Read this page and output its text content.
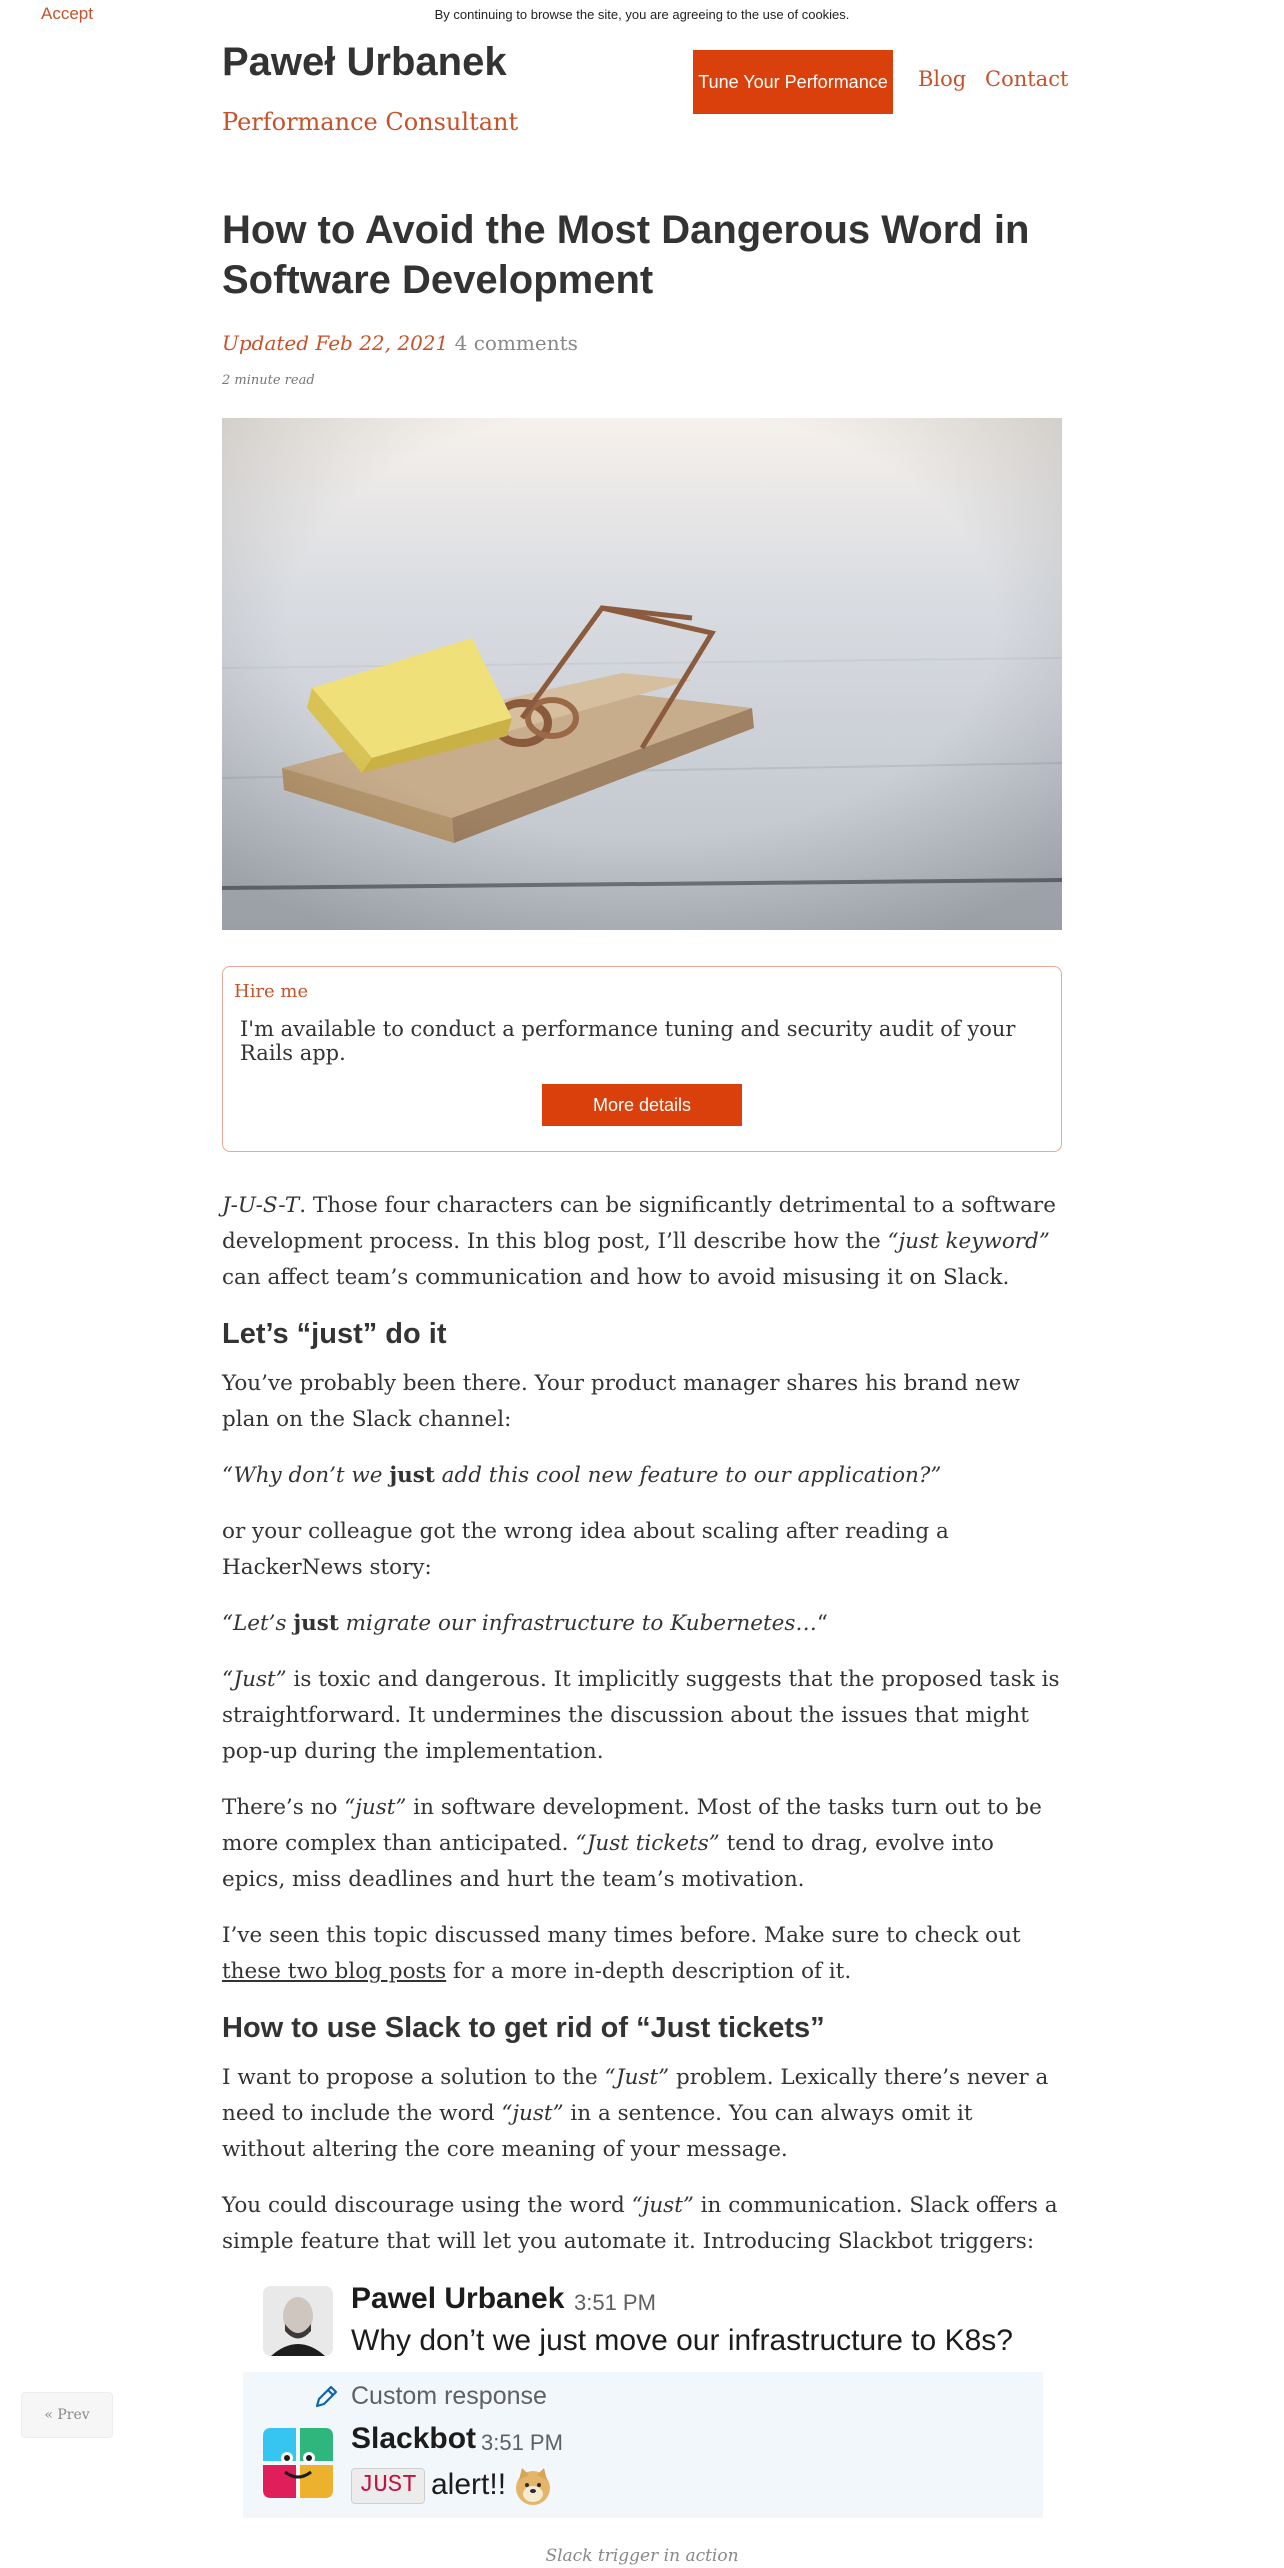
Accept	By continuing to browse the site, you are agreeing to the use of cookies.
Paweł Urbanek
Performance Consultant
Tune Your Performance Blog Contact
How to Avoid the Most Dangerous Word in Software Development
Updated Feb 22, 2021 4 comments
2 minute read
Hire me
I'm available to conduct a performance tuning and security audit of your Rails app.
More details

J-U-S-T. Those four characters can be significantly detrimental to a software development process. In this blog post, I’ll describe how the “just keyword” can affect team’s communication and how to avoid misusing it on Slack.

Let’s “just” do it

You’ve probably been there. Your product manager shares his brand new plan on the Slack channel:

“Why don’t we just add this cool new feature to our application?”

or your colleague got the wrong idea about scaling after reading a HackerNews story:

“Let’s just migrate our infrastructure to Kubernetes…“

“Just” is toxic and dangerous. It implicitly suggests that the proposed task is straightforward. It undermines the discussion about the issues that might pop-up during the implementation.

There’s no “just” in software development. Most of the tasks turn out to be more complex than anticipated. “Just tickets” tend to drag, evolve into epics, miss deadlines and hurt the team’s motivation.

I’ve seen this topic discussed many times before. Make sure to check out these two blog posts for a more in-depth description of it.

How to use Slack to get rid of “Just tickets”

I want to propose a solution to the “Just” problem. Lexically there’s never a need to include the word “just” in a sentence. You can always omit it without altering the core meaning of your message.

You could discourage using the word “just” in communication. Slack offers a simple feature that will let you automate it. Introducing Slackbot triggers:

Pawel Urbanek 3:51 PM
Why don’t we just move our infrastructure to K8s?
Custom response
Slackbot 3:51 PM
JUST alert!!
Slack trigger in action
« Prev
